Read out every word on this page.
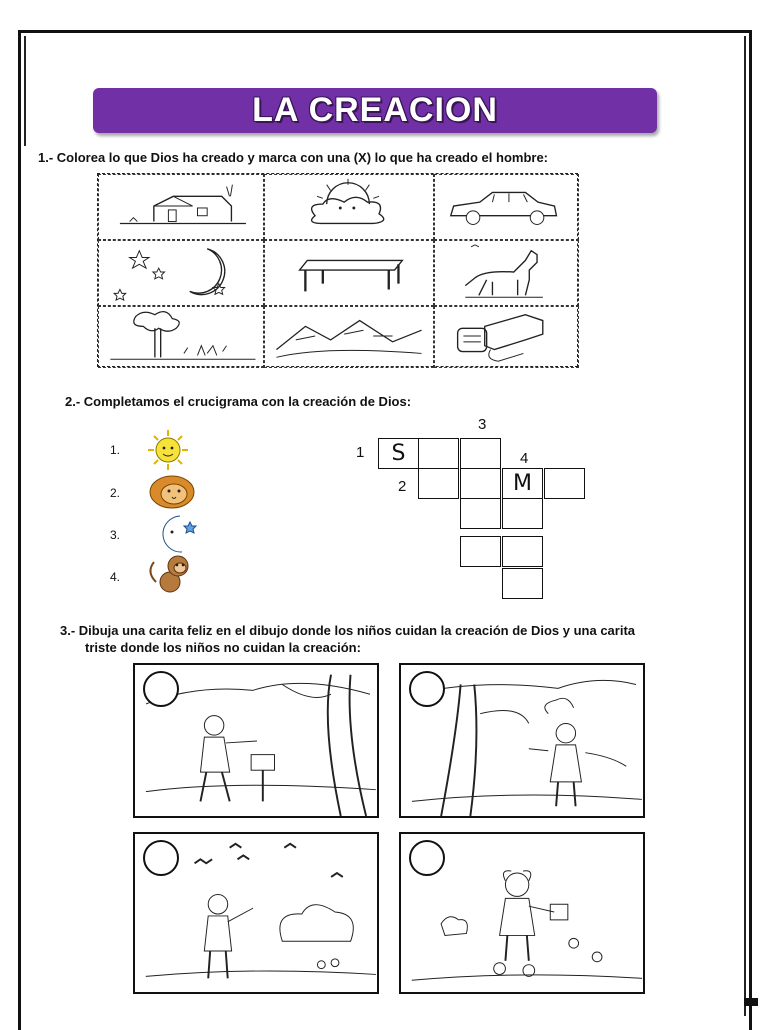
LA CREACION
1.- Colorea lo que Dios ha creado y marca con una (X) lo que ha creado el hombre:
2.- Completamos el crucigrama con la creación de Dios:
1.
2.
3.
4.
3
1	4
2
S
M
3.- Dibuja una carita feliz en el dibujo donde los niños cuidan la creación de Dios y una carita
triste donde los niños no cuidan la creación:
